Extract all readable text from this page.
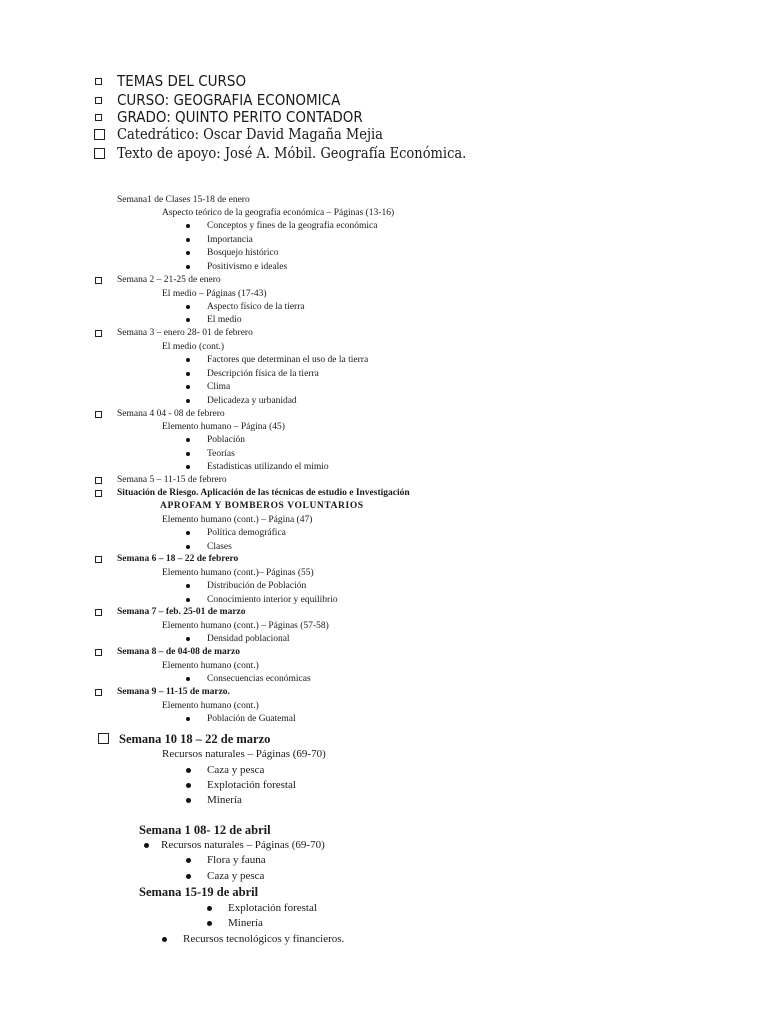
TEMAS DEL CURSO
CURSO: GEOGRAFIA ECONOMICA
GRADO: QUINTO PERITO CONTADOR
Catedrático: Oscar David Magaña Mejia
Texto de apoyo: José A. Móbil. Geografía Económica.
Semana1 de Clases 15-18 de enero
Aspecto teórico de la geografía económica – Páginas (13-16)
Conceptos y fines de la geografía económica
Importancia
Bosquejo histórico
Positivismo e ideales
Semana 2 – 21-25 de enero
El medio – Páginas (17-43)
Aspecto físico de la tierra
El medio
Semana 3 – enero 28- 01 de febrero
El medio (cont.)
Factores que determinan el uso de la tierra
Descripción física de la tierra
Clima
Delicadeza y urbanidad
Semana 4 04 - 08 de febrero
Elemento humano – Página (45)
Población
Teorías
Estadísticas utilizando el mimio
Semana 5 – 11-15 de febrero
Situación de Riesgo. Aplicación de las técnicas de estudio e Investigación
APROFAM Y BOMBEROS VOLUNTARIOS
Elemento humano (cont.) – Página (47)
Política demográfica
Clases
Semana 6 – 18 – 22 de febrero
Elemento humano (cont.)– Páginas (55)
Distribución de Población
Conocimiento interior y equilibrio
Semana 7 – feb. 25-01 de marzo
Elemento humano (cont.) – Páginas (57-58)
Densidad poblacional
Semana 8 – de 04-08 de marzo
Elemento humano (cont.)
Consecuencias económicas
Semana 9 – 11-15 de marzo.
Elemento humano (cont.)
Población de Guatemal
Semana 10 18 – 22 de marzo
Recursos naturales – Páginas (69-70)
Caza y pesca
Explotación forestal
Minería
Semana 1 08- 12 de abril
Recursos naturales – Páginas (69-70)
Flora y fauna
Caza y pesca
Semana 15-19 de abril
Explotación forestal
Minería
Recursos tecnológicos y financieros.
